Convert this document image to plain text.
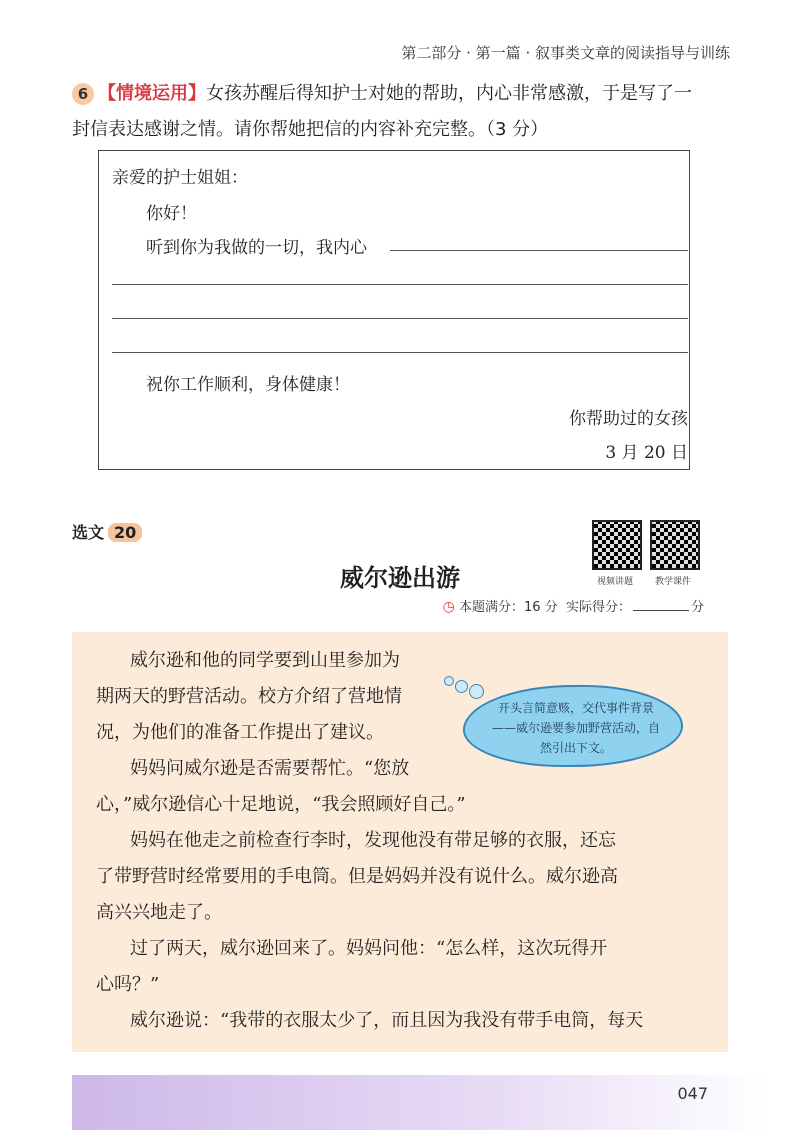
第二部分 · 第一篇 · 叙事类文章的阅读指导与训练
6 【情境运用】女孩苏醒后得知护士对她的帮助，内心非常感激，于是写了一
封信表达感谢之情。请你帮她把信的内容补充完整。（3 分）
亲爱的护士姐姐：
你好！
听到你为我做的一切，我内心
祝你工作顺利，身体健康！
你帮助过的女孩
3 月 20 日
选文 20
威尔逊出游	视频讲题 教学课件
◷ 本题满分：16 分 实际得分：	分
威尔逊和他的同学要到山里参加为
期两天的野营活动。校方介绍了营地情
况，为他们的准备工作提出了建议。
妈妈问威尔逊是否需要帮忙。“您放
心，”威尔逊信心十足地说，“我会照顾好自己。”
妈妈在他走之前检查行李时，发现他没有带足够的衣服，还忘
了带野营时经常要用的手电筒。但是妈妈并没有说什么。威尔逊高
高兴兴地走了。
过了两天，威尔逊回来了。妈妈问他：“怎么样，这次玩得开
心吗？”
威尔逊说：“我带的衣服太少了，而且因为我没有带手电筒，每天
开头言简意赅，交代事件背景——威尔逊要参加野营活动，自然引出下文。
047
